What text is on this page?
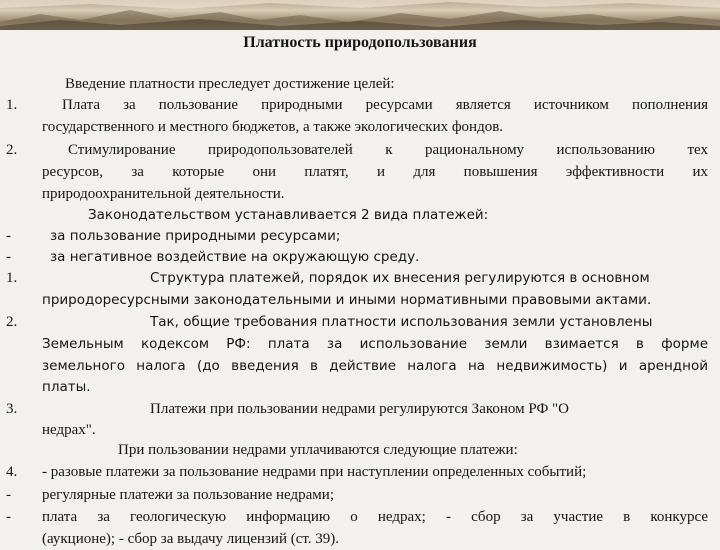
Платность природопользования
1.
2.
-
-
1.
2.
3.
4.
-
-
Введение платности преследует достижение целей:
Плата за пользование природными ресурсами является источником пополнения
государственного и местного бюджетов, а также экологических фондов.
Стимулирование природопользователей к рациональному использованию тех
ресурсов, за которые они платят, и для повышения эффективности их
природоохранительной деятельности.
Законодательством устанавливается 2 вида платежей:
за пользование природными ресурсами;
за негативное воздействие на окружающую среду.
Структура платежей, порядок их внесения регулируются в основном
природоресурсными законодательными и иными нормативными правовыми актами.
Так, общие требования платности использования земли установлены
Земельным кодексом РФ: плата за использование земли взимается в форме
земельного налога (до введения в действие налога на недвижимость) и арендной
платы.
Платежи при пользовании недрами регулируются Законом РФ "О
недрах".
При пользовании недрами уплачиваются следующие платежи:
- разовые платежи за пользование недрами при наступлении определенных событий;
регулярные платежи за пользование недрами;
плата за геологическую информацию о недрах; - сбор за участие в конкурсе
(аукционе); - сбор за выдачу лицензий (ст. 39).
